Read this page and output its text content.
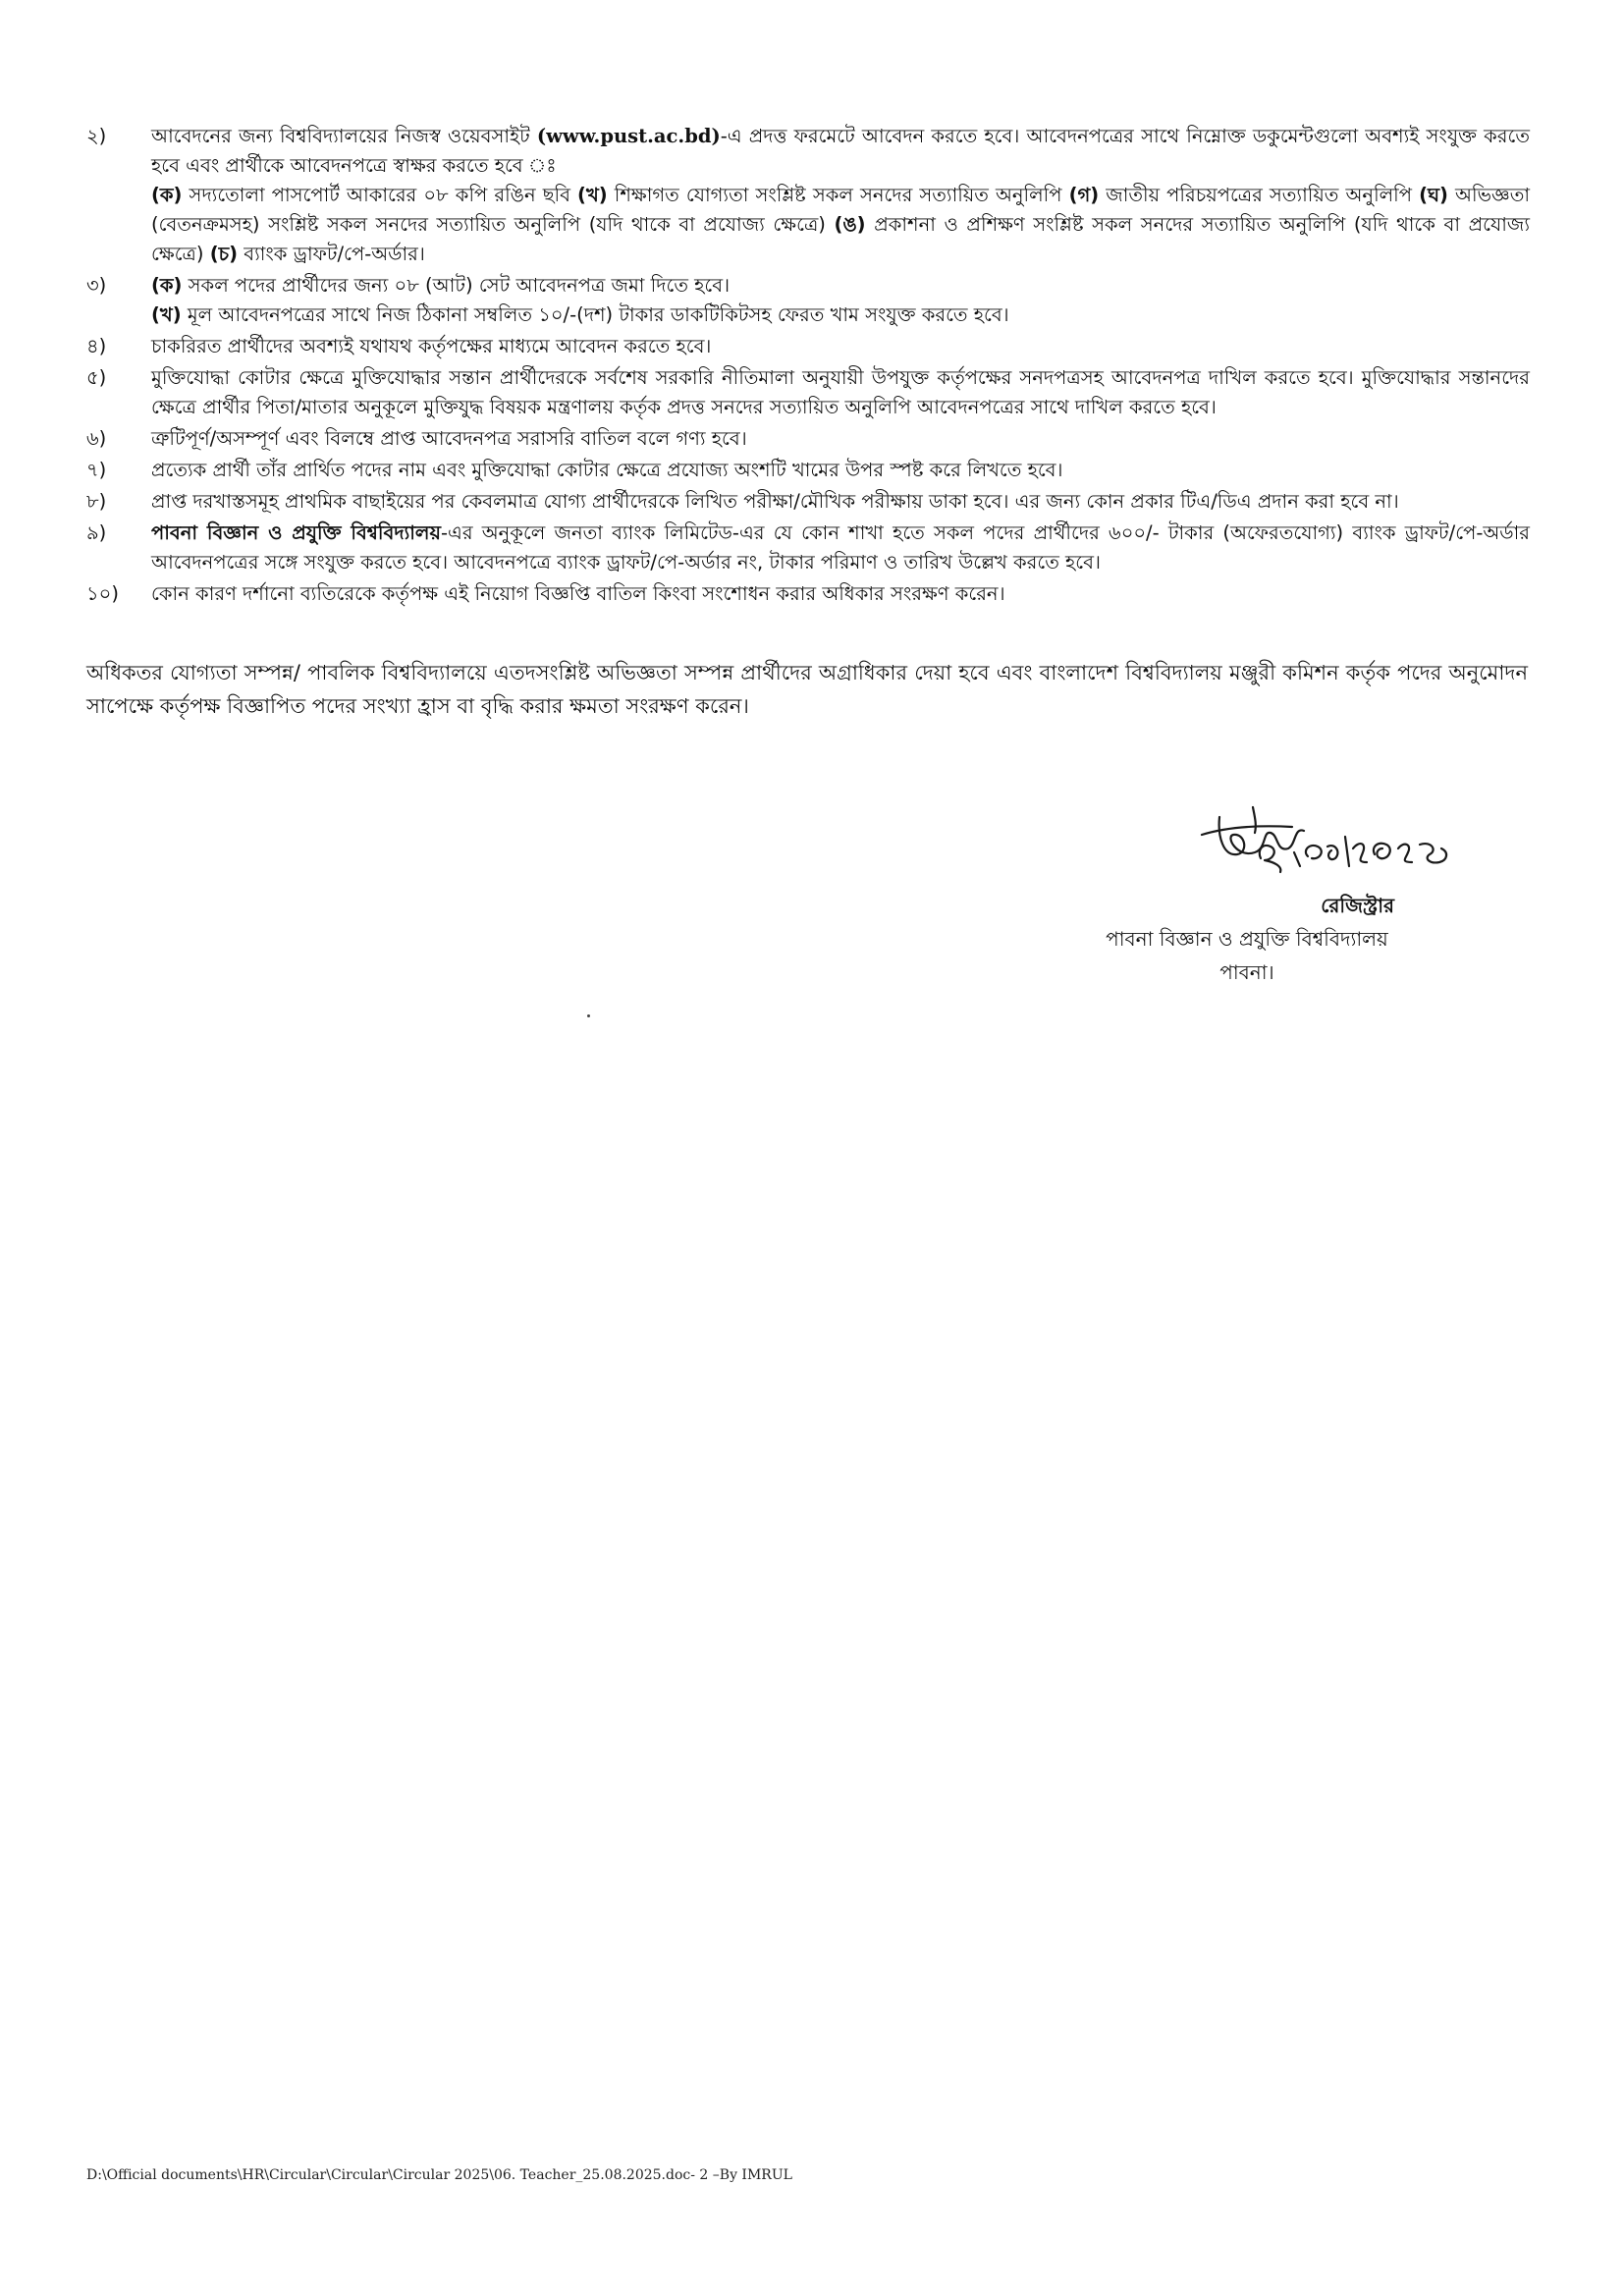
২)	আবেদনের জন্য বিশ্ববিদ্যালয়ের নিজস্ব ওয়েবসাইট (www.pust.ac.bd)-এ প্রদত্ত ফরমেটে আবেদন করতে হবে। আবেদনপত্রের সাথে নিম্নোক্ত ডকুমেন্টগুলো অবশ্যই সংযুক্ত করতে হবে এবং প্রার্থীকে আবেদনপত্রে স্বাক্ষর করতে হবে ঃ

(ক) সদ্যতোলা পাসপোর্ট আকারের ০৮ কপি রঙিন ছবি (খ) শিক্ষাগত যোগ্যতা সংশ্লিষ্ট সকল সনদের সত্যায়িত অনুলিপি (গ) জাতীয় পরিচয়পত্রের সত্যায়িত অনুলিপি (ঘ) অভিজ্ঞতা (বেতনক্রমসহ) সংশ্লিষ্ট সকল সনদের সত্যায়িত অনুলিপি (যদি থাকে বা প্রযোজ্য ক্ষেত্রে) (ঙ) প্রকাশনা ও প্রশিক্ষণ সংশ্লিষ্ট সকল সনদের সত্যায়িত অনুলিপি (যদি থাকে বা প্রযোজ্য ক্ষেত্রে) (চ) ব্যাংক ড্রাফট/পে-অর্ডার।

৩)	(ক) সকল পদের প্রার্থীদের জন্য ০৮ (আট) সেট আবেদনপত্র জমা দিতে হবে।

(খ) মূল আবেদনপত্রের সাথে নিজ ঠিকানা সম্বলিত ১০/-(দশ) টাকার ডাকটিকিটসহ ফেরত খাম সংযুক্ত করতে হবে।

৪)	চাকরিরত প্রার্থীদের অবশ্যই যথাযথ কর্তৃপক্ষের মাধ্যমে আবেদন করতে হবে।

৫)	মুক্তিযোদ্ধা কোটার ক্ষেত্রে মুক্তিযোদ্ধার সন্তান প্রার্থীদেরকে সর্বশেষ সরকারি নীতিমালা অনুযায়ী উপযুক্ত কর্তৃপক্ষের সনদপত্রসহ আবেদনপত্র দাখিল করতে হবে। মুক্তিযোদ্ধার সন্তানদের ক্ষেত্রে প্রার্থীর পিতা/মাতার অনুকূলে মুক্তিযুদ্ধ বিষয়ক মন্ত্রণালয় কর্তৃক প্রদত্ত সনদের সত্যায়িত অনুলিপি আবেদনপত্রের সাথে দাখিল করতে হবে।

৬)	ত্রুটিপূর্ণ/অসম্পূর্ণ এবং বিলম্বে প্রাপ্ত আবেদনপত্র সরাসরি বাতিল বলে গণ্য হবে।

৭)	প্রত্যেক প্রার্থী তাঁর প্রার্থিত পদের নাম এবং মুক্তিযোদ্ধা কোটার ক্ষেত্রে প্রযোজ্য অংশটি খামের উপর স্পষ্ট করে লিখতে হবে।

৮)	প্রাপ্ত দরখাস্তসমূহ প্রাথমিক বাছাইয়ের পর কেবলমাত্র যোগ্য প্রার্থীদেরকে লিখিত পরীক্ষা/মৌখিক পরীক্ষায় ডাকা হবে। এর জন্য কোন প্রকার টিএ/ডিএ প্রদান করা হবে না।

৯)	পাবনা বিজ্ঞান ও প্রযুক্তি বিশ্ববিদ্যালয়-এর অনুকূলে জনতা ব্যাংক লিমিটেড-এর যে কোন শাখা হতে সকল পদের প্রার্থীদের ৬০০/- টাকার (অফেরতযোগ্য) ব্যাংক ড্রাফট/পে-অর্ডার আবেদনপত্রের সঙ্গে সংযুক্ত করতে হবে। আবেদনপত্রে ব্যাংক ড্রাফট/পে-অর্ডার নং, টাকার পরিমাণ ও তারিখ উল্লেখ করতে হবে।

১০)	কোন কারণ দর্শানো ব্যতিরেকে কর্তৃপক্ষ এই নিয়োগ বিজ্ঞপ্তি বাতিল কিংবা সংশোধন করার অধিকার সংরক্ষণ করেন।

অধিকতর যোগ্যতা সম্পন্ন/ পাবলিক বিশ্ববিদ্যালয়ে এতদসংশ্লিষ্ট অভিজ্ঞতা সম্পন্ন প্রার্থীদের অগ্রাধিকার দেয়া হবে এবং বাংলাদেশ বিশ্ববিদ্যালয় মঞ্জুরী কমিশন কর্তৃক পদের অনুমোদন সাপেক্ষে কর্তৃপক্ষ বিজ্ঞাপিত পদের সংখ্যা হ্রাস বা বৃদ্ধি করার ক্ষমতা সংরক্ষণ করেন।

রেজিস্ট্রার
পাবনা বিজ্ঞান ও প্রযুক্তি বিশ্ববিদ্যালয়
পাবনা।
D:\Official documents\HR\Circular\Circular\Circular 2025\06. Teacher_25.08.2025.doc- 2 –By IMRUL
